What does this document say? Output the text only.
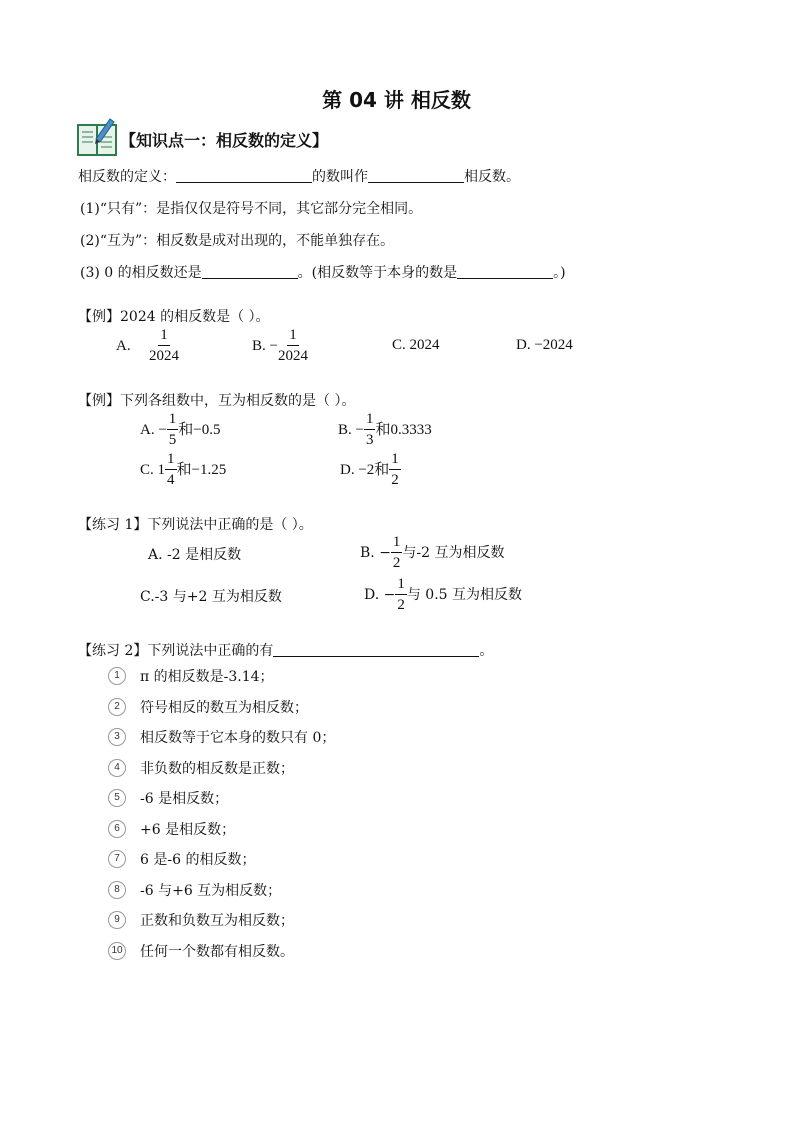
第 04 讲 相反数
【知识点一：相反数的定义】
相反数的定义：	的数叫作	相反数。
(1)“只有”：是指仅仅是符号不同，其它部分完全相同。
(2)“互为”：相反数是成对出现的，不能单独存在。
(3) 0 的相反数还是	。(相反数等于本身的数是	。)
【例】2024 的相反数是（ ）。
A. $\frac{1}{2024}$	B. − $\frac{1}{2024}$	C. 2024	D. −2024
【例】下列各组数中，互为相反数的是（ ）。
A. − $\frac{1}{5}$ 和−0.5	B. − $\frac{1}{3}$ 和0.3333
C. $1 \frac{1}{4}$ 和−1.25	D. −2和 $\frac{1}{2}$
【练习 1】下列说法中正确的是（ ）。
A. -2 是相反数	B. − $\frac{1}{2}$ 与-2 互为相反数
C.-3 与+2 互为相反数	D. − $\frac{1}{2}$ 与 0.5 互为相反数
【练习 2】下列说法中正确的有	。
1 π 的相反数是-3.14；
2 符号相反的数互为相反数；
3 相反数等于它本身的数只有 0；
4 非负数的相反数是正数；
5 -6 是相反数；
6 +6 是相反数；
7 6 是-6 的相反数；
8 -6 与+6 互为相反数；
9 正数和负数互为相反数；
10 任何一个数都有相反数。
